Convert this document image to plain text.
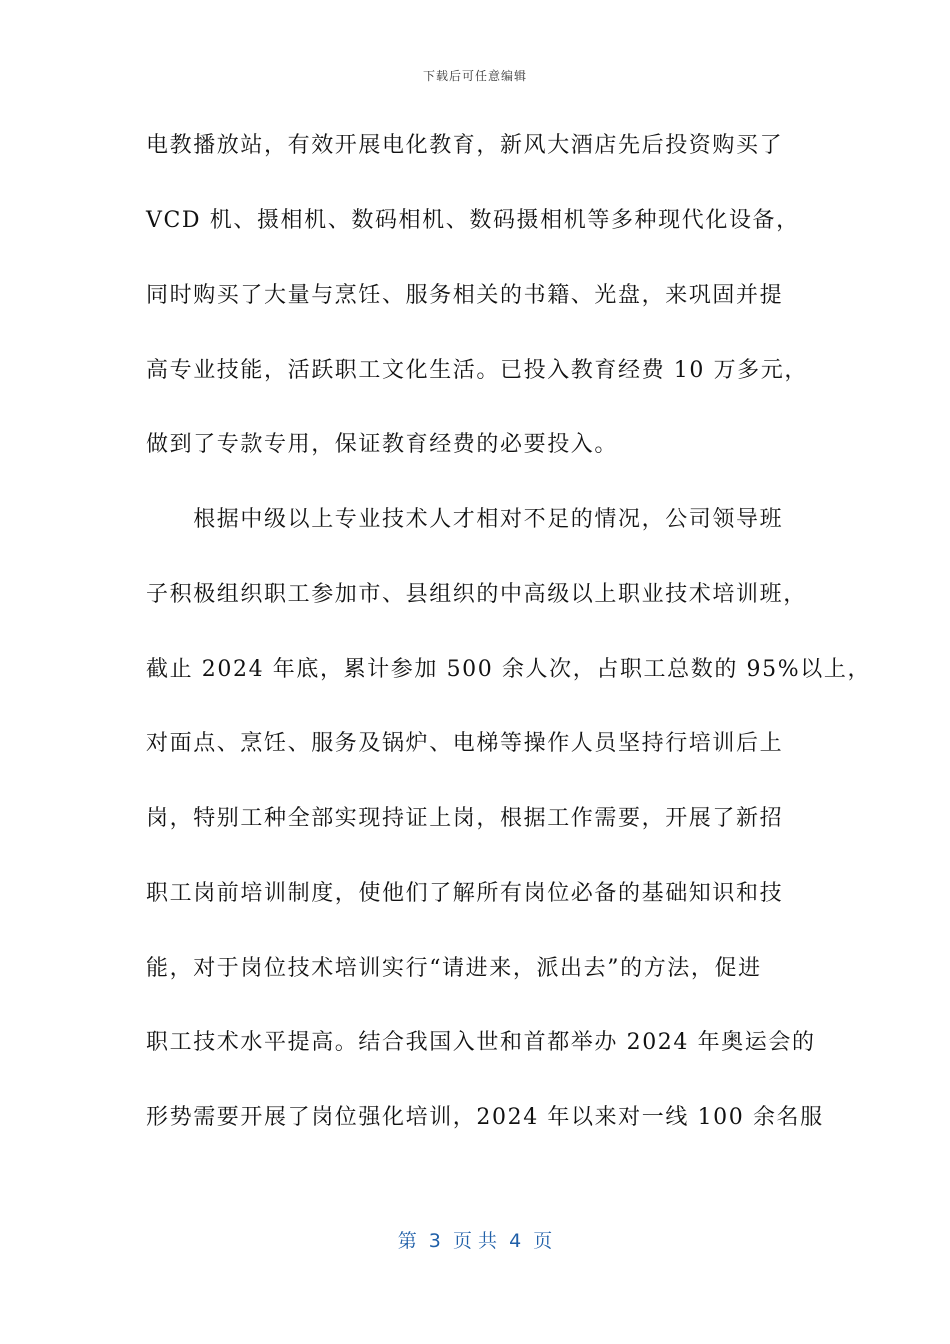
下载后可任意编辑
电教播放站，有效开展电化教育，新风大酒店先后投资购买了
VCD 机、摄相机、数码相机、数码摄相机等多种现代化设备，
同时购买了大量与烹饪、服务相关的书籍、光盘，来巩固并提
高专业技能，活跃职工文化生活。已投入教育经费 10 万多元，
做到了专款专用，保证教育经费的必要投入。
　　根据中级以上专业技术人才相对不足的情况，公司领导班
子积极组织职工参加市、县组织的中高级以上职业技术培训班，
截止 2024 年底，累计参加 500 余人次，占职工总数的 95%以上，
对面点、烹饪、服务及锅炉、电梯等操作人员坚持行培训后上
岗，特别工种全部实现持证上岗，根据工作需要，开展了新招
职工岗前培训制度，使他们了解所有岗位必备的基础知识和技
能，对于岗位技术培训实行“请进来，派出去”的方法，促进
职工技术水平提高。结合我国入世和首都举办 2024 年奥运会的
形势需要开展了岗位强化培训，2024 年以来对一线 100 余名服
第  3  页 共  4  页
